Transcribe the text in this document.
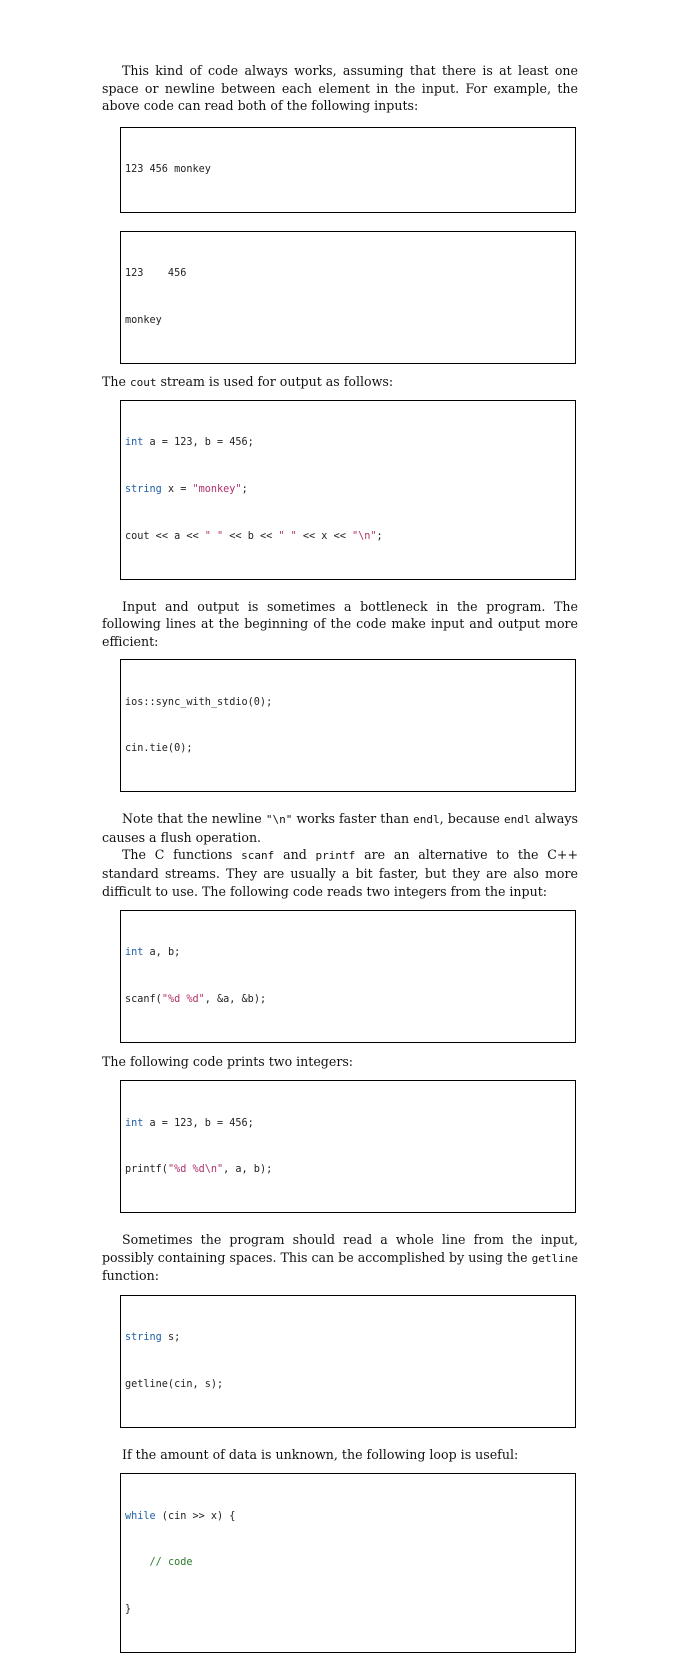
This kind of code always works, assuming that there is at least one space or newline between each element in the input. For example, the above code can read both of the following inputs:

123 456 monkey

123    456

monkey

The cout stream is used for output as follows:

int a = 123, b = 456;

string x = "monkey";

cout << a << " " << b << " " << x << "\n";

Input and output is sometimes a bottleneck in the program. The following lines at the beginning of the code make input and output more efficient:

ios::sync_with_stdio(0);

cin.tie(0);

Note that the newline "\n" works faster than endl, because endl always causes a flush operation.

The C functions scanf and printf are an alternative to the C++ standard streams. They are usually a bit faster, but they are also more difficult to use. The following code reads two integers from the input:

int a, b;

scanf("%d %d", &a, &b);

The following code prints two integers:

int a = 123, b = 456;

printf("%d %d\n", a, b);

Sometimes the program should read a whole line from the input, possibly containing spaces. This can be accomplished by using the getline function:

string s;

getline(cin, s);

If the amount of data is unknown, the following loop is useful:

while (cin >> x) {

// code

}
